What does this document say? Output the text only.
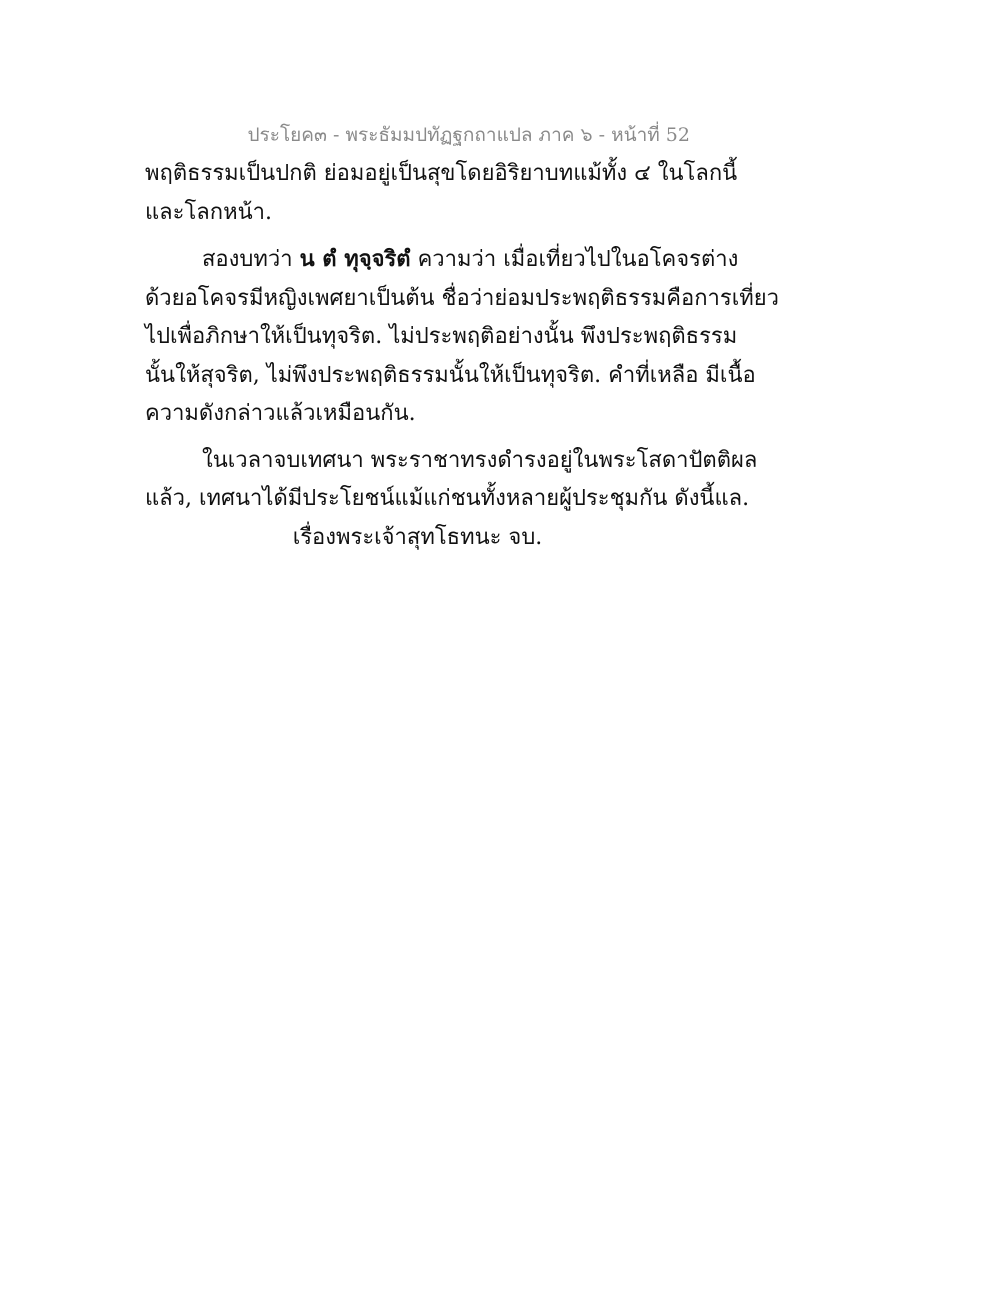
ประโยค๓ - พระธัมมปทัฏฐกถาแปล ภาค ๖ - หน้าที่ 52
พฤติธรรมเป็นปกติ ย่อมอยู่เป็นสุขโดยอิริยาบทแม้ทั้ง ๔ ในโลกนี้
และโลกหน้า.
สองบทว่า น ตํ ทุจฺจริตํ ความว่า เมื่อเที่ยวไปในอโคจรต่าง
ด้วยอโคจรมีหญิงเพศยาเป็นต้น ชื่อว่าย่อมประพฤติธรรมคือการเที่ยว
ไปเพื่อภิกษาให้เป็นทุจริต. ไม่ประพฤติอย่างนั้น พึงประพฤติธรรม
นั้นให้สุจริต, ไม่พึงประพฤติธรรมนั้นให้เป็นทุจริต. คำที่เหลือ มีเนื้อ
ความดังกล่าวแล้วเหมือนกัน.
ในเวลาจบเทศนา พระราชาทรงดำรงอยู่ในพระโสดาปัตติผล
แล้ว, เทศนาได้มีประโยชน์แม้แก่ชนทั้งหลายผู้ประชุมกัน ดังนี้แล.
เรื่องพระเจ้าสุทโธทนะ จบ.
